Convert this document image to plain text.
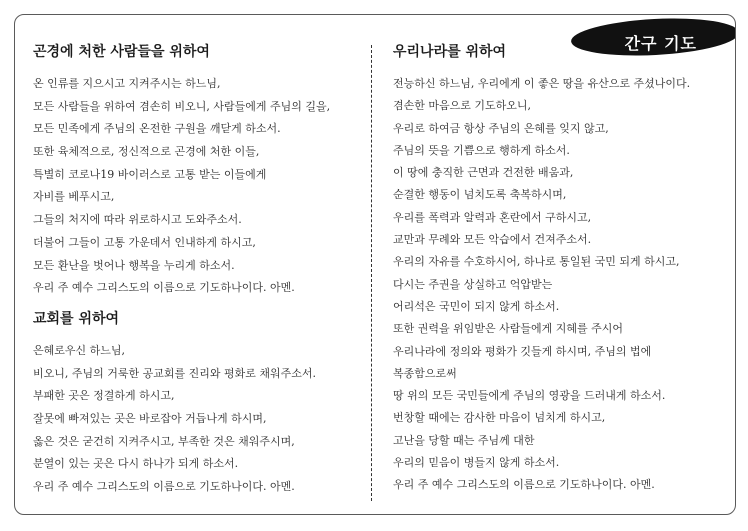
간구 기도
곤경에 처한 사람들을 위하여
온 인류를 지으시고 지켜주시는 하느님,
모든 사람들을 위하여 겸손히 비오니, 사람들에게 주님의 길을,
모든 민족에게 주님의 온전한 구원을 깨닫게 하소서.
또한 육체적으로, 정신적으로 곤경에 처한 이들,
특별히 코로나19 바이러스로 고통 받는 이들에게
자비를 베푸시고,
그들의 처지에 따라 위로하시고 도와주소서.
더불어 그들이 고통 가운데서 인내하게 하시고,
모든 환난을 벗어나 행복을 누리게 하소서.
우리 주 예수 그리스도의 이름으로 기도하나이다. 아멘.
교회를 위하여
은혜로우신 하느님,
비오니, 주님의 거룩한 공교회를 진리와 평화로 채워주소서.
부패한 곳은 정결하게 하시고,
잘못에 빠져있는 곳은 바로잡아 거듭나게 하시며,
옳은 것은 굳건히 지켜주시고, 부족한 것은 채워주시며,
분열이 있는 곳은 다시 하나가 되게 하소서.
우리 주 예수 그리스도의 이름으로 기도하나이다. 아멘.
우리나라를 위하여
전능하신 하느님, 우리에게 이 좋은 땅을 유산으로 주셨나이다.
겸손한 마음으로 기도하오니,
우리로 하여금 항상 주님의 은혜를 잊지 않고,
주님의 뜻을 기쁨으로 행하게 하소서.
이 땅에 충직한 근면과 건전한 배움과,
순결한 행동이 넘치도록 축복하시며,
우리를 폭력과 알력과 혼란에서 구하시고,
교만과 무례와 모든 악습에서 건져주소서.
우리의 자유를 수호하시어, 하나로 통일된 국민 되게 하시고,
다시는 주권을 상실하고 억압받는
어리석은 국민이 되지 않게 하소서.
또한 권력을 위임받은 사람들에게 지혜를 주시어
우리나라에 정의와 평화가 깃들게 하시며, 주님의 법에
복종함으로써
땅 위의 모든 국민들에게 주님의 영광을 드러내게 하소서.
번창할 때에는 감사한 마음이 넘치게 하시고,
고난을 당할 때는 주님께 대한
우리의 믿음이 병들지 않게 하소서.
우리 주 예수 그리스도의 이름으로 기도하나이다. 아멘.
